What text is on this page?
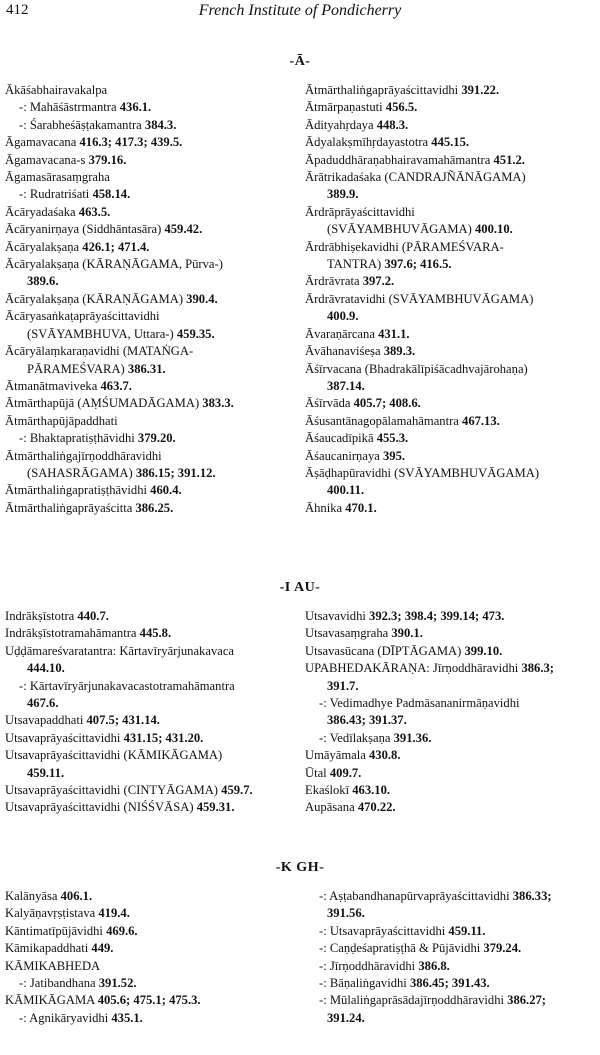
412	French Institute of Pondicherry
-Ā-
Ākāśabhairavakalpa
-: Mahāśāstrmantra 436.1.
-: Śarabheśāṣṭakamantra 384.3.
Āgamavacana 416.3; 417.3; 439.5.
Āgamavacana-s 379.16.
Āgamasārasaṃgraha
-: Rudratriśati 458.14.
Ācāryadaśaka 463.5.
Ācāryanirṇaya (Siddhāntasāra) 459.42.
Ācāryalakṣaṇa 426.1; 471.4.
Ācāryalakṣaṇa (KĀRAṆĀGAMA, Pūrva-)
389.6.
Ācāryalakṣaṇa (KĀRAṆĀGAMA) 390.4.
Ācāryasaṅkaṭaprāyaścittavidhi
(SVĀYAMBHUVA, Uttara-) 459.35.
Ācāryālaṃkaraṇavidhi (MATAṄGA-
PĀRAMEŚVARA) 386.31.
Ātmanātmaviveka 463.7.
Ātmārthapūjā (AṂŚUMADĀGAMA) 383.3.
Ātmārthapūjāpaddhati
-: Bhaktapratiṣṭhāvidhi 379.20.
Ātmārthaliṅgajīrṇoddhāravidhi
(SAHASRĀGAMA) 386.15; 391.12.
Ātmārthaliṅgapratiṣṭhāvidhi 460.4.
Ātmārthaliṅgaprāyaścitta 386.25.
Ātmārthaliṅgaprāyaścittavidhi 391.22.
Ātmārpaṇastuti 456.5.
Ādityahṛdaya 448.3.
Ādyalakṣmīhṛdayastotra 445.15.
Āpaduddhāraṇabhairavamahāmantra 451.2.
Ārātrikadaśaka (CANDRAJÑĀNĀGAMA)
389.9.
Ārdrāprāyaścittavidhi
(SVĀYAMBHUVĀGAMA) 400.10.
Ārdrābhiṣekavidhi (PĀRAMEŚVARA-
TANTRA) 397.6; 416.5.
Ārdrāvrata 397.2.
Ārdrāvratavidhi (SVĀYAMBHUVĀGAMA)
400.9.
Āvaraṇārcana 431.1.
Āvāhanaviśeṣa 389.3.
Āśīrvacana (Bhadrakālīpiśācadhvajārohaṇa)
387.14.
Āśīrvāda 405.7; 408.6.
Āśusantānagopālamahāmantra 467.13.
Āśaucadīpikā 455.3.
Āśaucanirṇaya 395.
Āṣāḍhapūravidhi (SVĀYAMBHUVĀGAMA)
400.11.
Āhnika 470.1.
-I AU-
Indrākṣīstotra 440.7.
Indrākṣīstotramahāmantra 445.8.
Uḍḍāmareśvaratantra: Kārtavīryārjunakavaca
444.10.
-: Kārtavīryārjunakavacastotramahāmantra
467.6.
Utsavapaddhati 407.5; 431.14.
Utsavaprāyaścittavidhi 431.15; 431.20.
Utsavaprāyaścittavidhi (KĀMIKĀGAMA)
459.11.
Utsavaprāyaścittavidhi (CINTYĀGAMA) 459.7.
Utsavaprāyaścittavidhi (NIŚŚVĀSA) 459.31.
Utsavavidhi 392.3; 398.4; 399.14; 473.
Utsavasaṃgraha 390.1.
Utsavasūcana (DĪPTĀGAMA) 399.10.
UPABHEDAKĀRAṆA: Jīrṇoddhāravidhi 386.3;
391.7.
-: Vedimadhye Padmāsananirmāṇavidhi
386.43; 391.37.
-: Vedīlakṣaṇa 391.36.
Umāyāmala 430.8.
Ūtal 409.7.
Ekaślokī 463.10.
Aupāsana 470.22.
-K GH-
Kalānyāsa 406.1.
Kalyāṇavṛṣṭistava 419.4.
Kāntimatīpūjāvidhi 469.6.
Kāmikapaddhati 449.
KĀMIKABHEDA
-: Jatibandhana 391.52.
KĀMIKĀGAMA 405.6; 475.1; 475.3.
-: Agnikāryavidhi 435.1.
-: Aṣṭabandhanapūrvaprāyaścittavidhi 386.33;
391.56.
-: Utsavaprāyaścittavidhi 459.11.
-: Caṇḍeśapratiṣṭhā & Pūjāvidhi 379.24.
-: Jīrṇoddhāravidhi 386.8.
-: Bāṇaliṅgavidhi 386.45; 391.43.
-: Mūlaliṅgaprāsādajīrṇoddhāravidhi 386.27;
391.24.
